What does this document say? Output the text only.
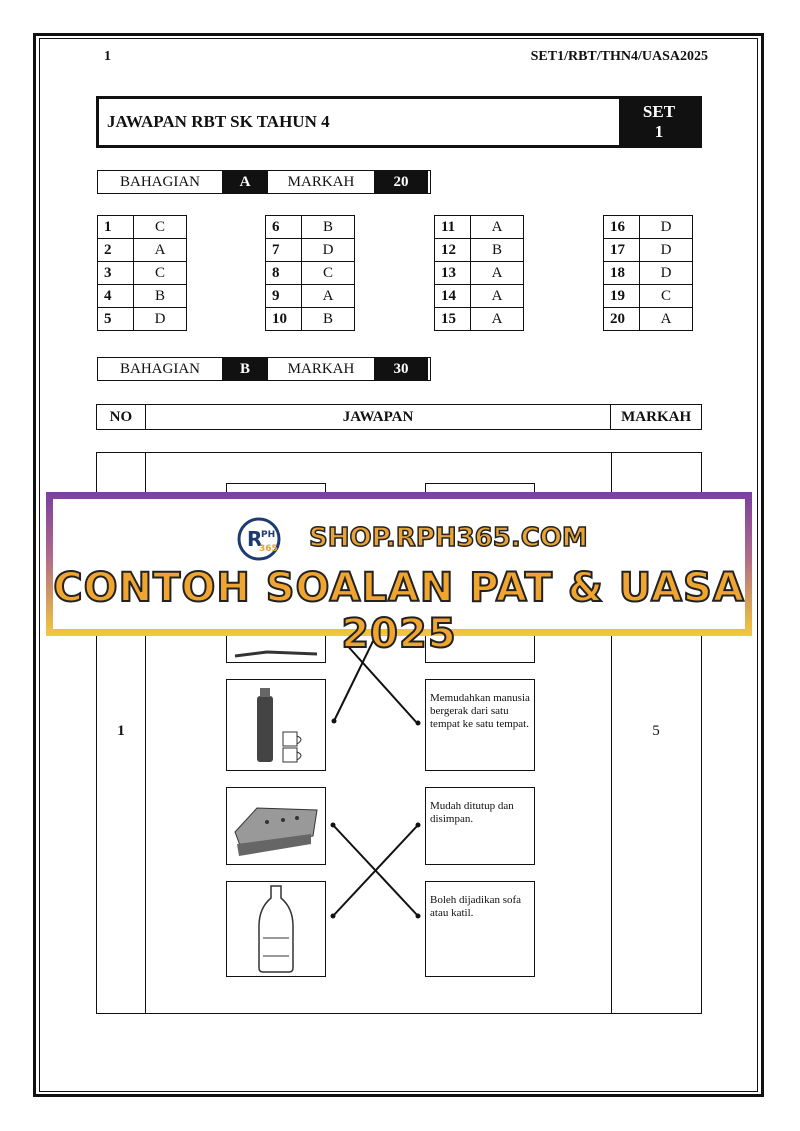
1	SET1/RBT/THN4/UASA2025
JAWAPAN RBT SK TAHUN 4
SET
1
BAHAGIAN	A	MARKAH	20
1	C
2	A
3	C
4	B
5	D
6	B
7	D
8	C
9	A
10	B
11	A
12	B
13	A
14	A
15	A
16	D
17	D
18	D
19	C
20	A
BAHAGIAN	B	MARKAH	30
NO	JAWAPAN	MARKAH
1	5
Memudahkan manusia bergerak dari satu tempat ke satu tempat.
Mudah ditutup dan disimpan.
Boleh dijadikan sofa atau katil.
R
PH
365 SHOP.RPH365.COM
CONTOH SOALAN PAT & UASA 2025
